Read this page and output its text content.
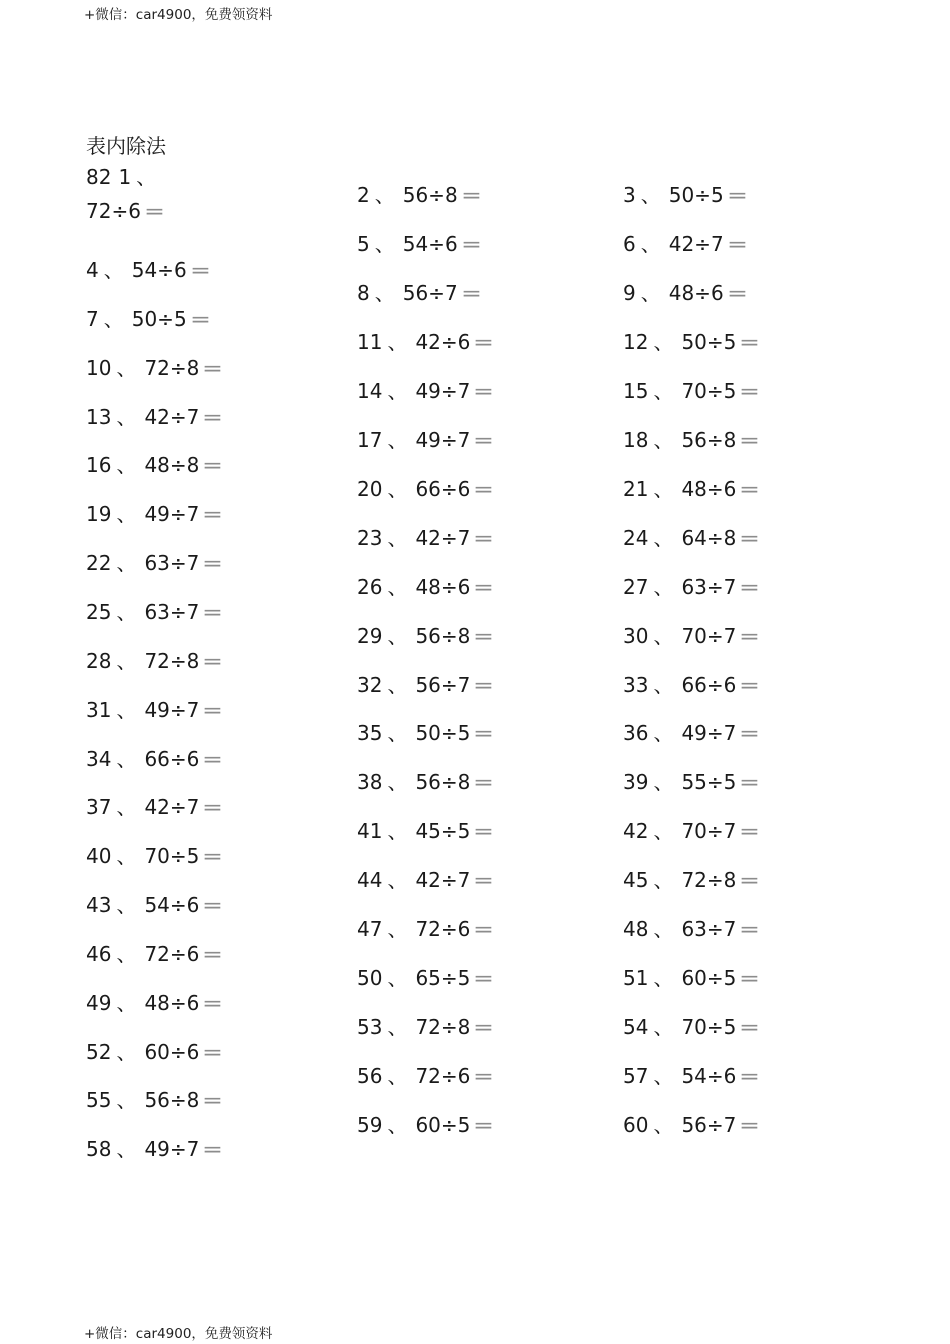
+微信：car4900，免费领资料
表内除法
82 1 、
72÷6 =
4 、 54÷6 =
7 、 50÷5 =
10 、 72÷8 =
13 、 42÷7 =
16 、 48÷8 =
19 、 49÷7 =
22 、 63÷7 =
25 、 63÷7 =
28 、 72÷8 =
31 、 49÷7 =
34 、 66÷6 =
37 、 42÷7 =
40 、 70÷5 =
43 、 54÷6 =
46 、 72÷6 =
49 、 48÷6 =
52 、 60÷6 =
55 、 56÷8 =
58 、 49÷7 =
2 、 56÷8 =
5 、 54÷6 =
8 、 56÷7 =
11 、 42÷6 =
14 、 49÷7 =
17 、 49÷7 =
20 、 66÷6 =
23 、 42÷7 =
26 、 48÷6 =
29 、 56÷8 =
32 、 56÷7 =
35 、 50÷5 =
38 、 56÷8 =
41 、 45÷5 =
44 、 42÷7 =
47 、 72÷6 =
50 、 65÷5 =
53 、 72÷8 =
56 、 72÷6 =
59 、 60÷5 =
3 、 50÷5 =
6 、 42÷7 =
9 、 48÷6 =
12 、 50÷5 =
15 、 70÷5 =
18 、 56÷8 =
21 、 48÷6 =
24 、 64÷8 =
27 、 63÷7 =
30 、 70÷7 =
33 、 66÷6 =
36 、 49÷7 =
39 、 55÷5 =
42 、 70÷7 =
45 、 72÷8 =
48 、 63÷7 =
51 、 60÷5 =
54 、 70÷5 =
57 、 54÷6 =
60 、 56÷7 =
+微信：car4900，免费领资料
